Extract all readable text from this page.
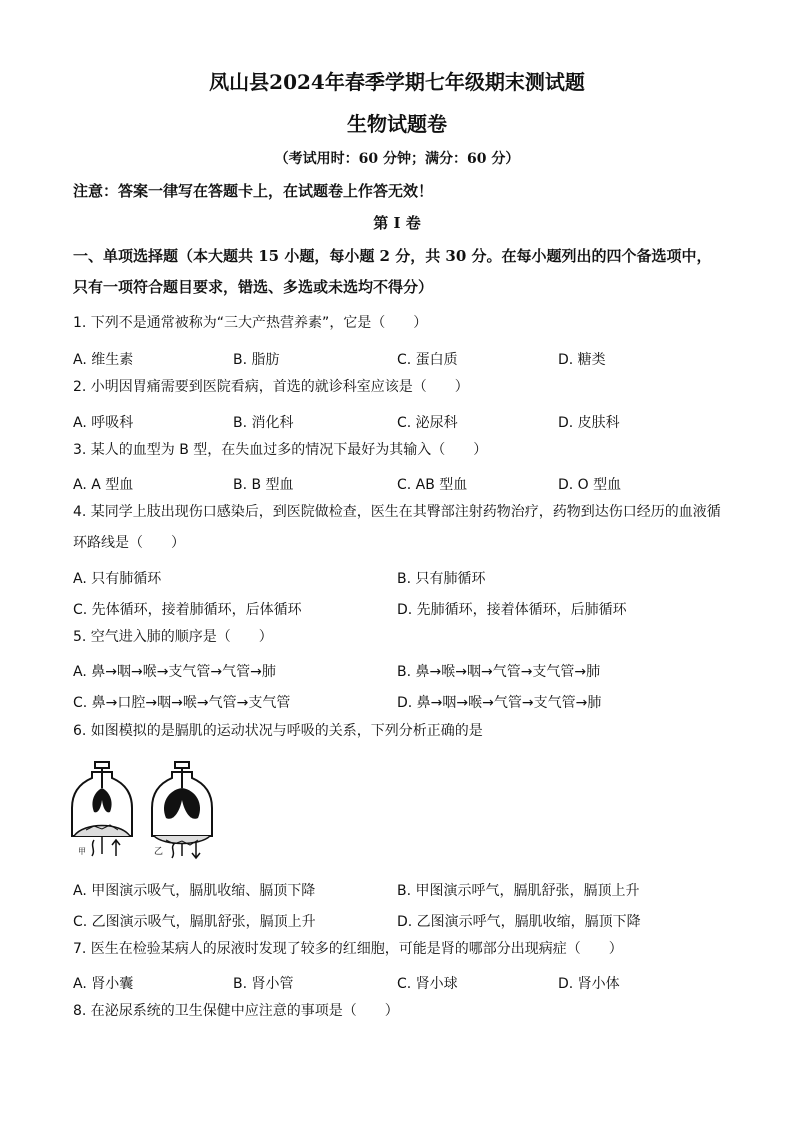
凤山县2024年春季学期七年级期末测试题
生物试题卷
（考试用时：60 分钟；满分：60 分）
注意：答案一律写在答题卡上，在试题卷上作答无效！
第 I 卷
一、单项选择题（本大题共 15 小题，每小题 2 分，共 30 分。在每小题列出的四个备选项中，只有一项符合题目要求，错选、多选或未选均不得分）
1. 下列不是通常被称为“三大产热营养素”，它是（　　）
A. 维生素	B. 脂肪	C. 蛋白质	D. 糖类
2. 小明因胃痛需要到医院看病，首选的就诊科室应该是（　　）
A. 呼吸科	B. 消化科	C. 泌尿科	D. 皮肤科
3. 某人的血型为 B 型，在失血过多的情况下最好为其输入（　　）
A. A 型血	B. B 型血	C. AB 型血	D. O 型血
4. 某同学上肢出现伤口感染后，到医院做检查，医生在其臀部注射药物治疗，药物到达伤口经历的血液循环路线是（　　）
A. 只有肺循环	B. 只有肺循环
C. 先体循环，接着肺循环，后体循环	D. 先肺循环，接着体循环，后肺循环
5. 空气进入肺的顺序是（　　）
A. 鼻→咽→喉→支气管→气管→肺	B. 鼻→喉→咽→气管→支气管→肺
C. 鼻→口腔→咽→喉→气管→支气管	D. 鼻→咽→喉→气管→支气管→肺
6. 如图模拟的是膈肌的运动状况与呼吸的关系，下列分析正确的是
甲	乙
A. 甲图演示吸气，膈肌收缩、膈顶下降	B. 甲图演示呼气，膈肌舒张，膈顶上升
C. 乙图演示吸气，膈肌舒张，膈顶上升	D. 乙图演示呼气，膈肌收缩，膈顶下降
7. 医生在检验某病人的尿液时发现了较多的红细胞，可能是肾的哪部分出现病症（　　）
A. 肾小囊	B. 肾小管	C. 肾小球	D. 肾小体
8. 在泌尿系统的卫生保健中应注意的事项是（　　）
